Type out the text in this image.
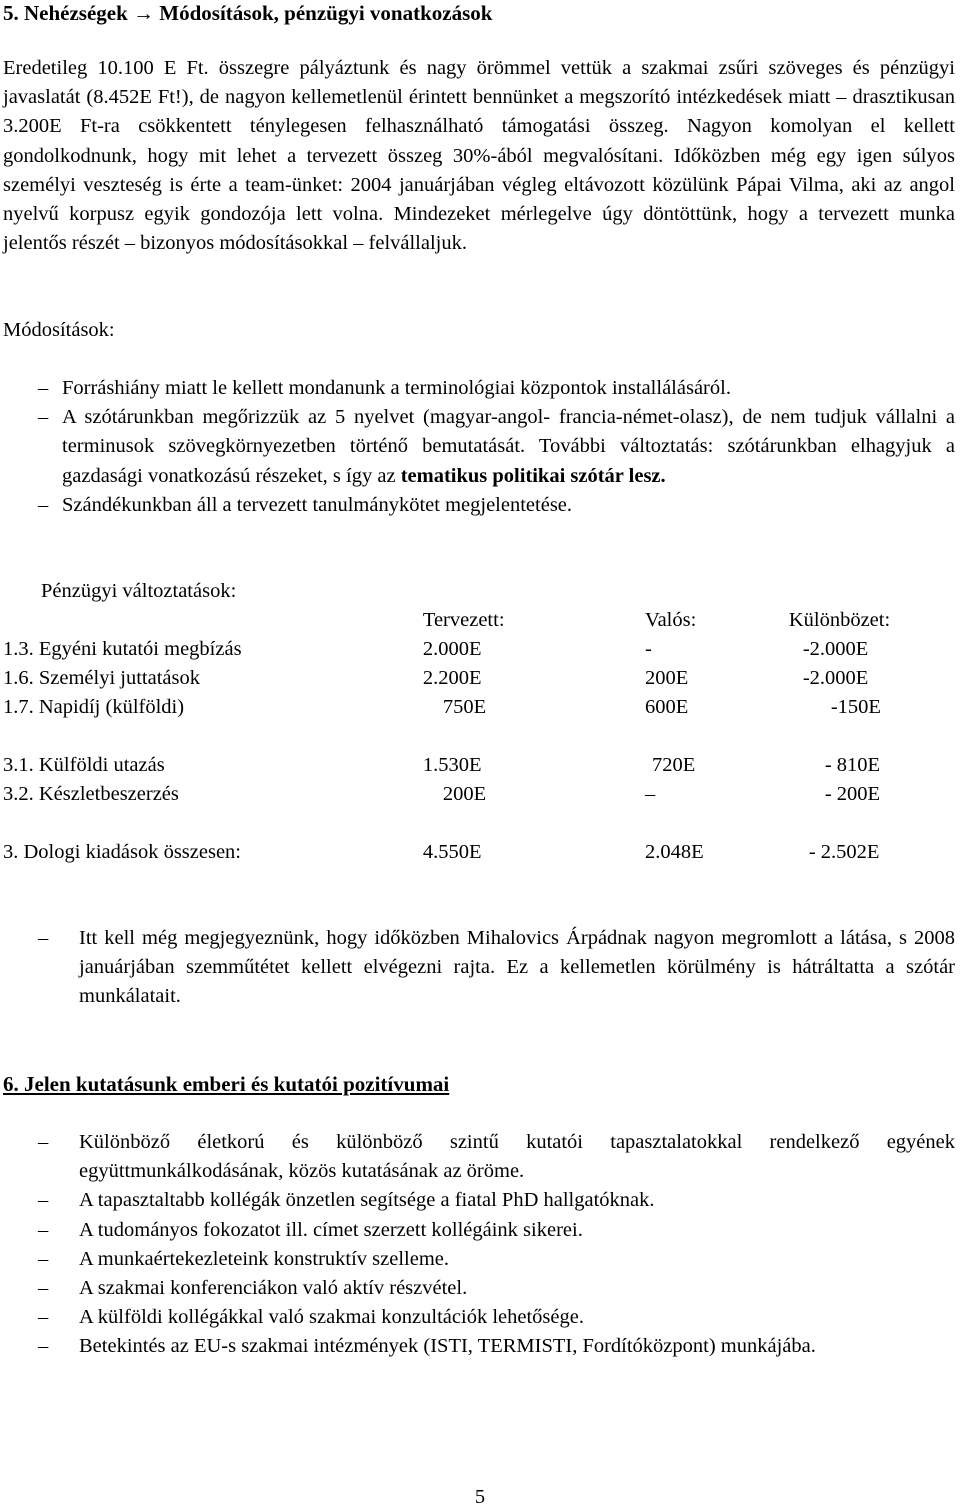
5. Nehézségek → Módosítások, pénzügyi vonatkozások

Eredetileg 10.100 E Ft. összegre pályáztunk és nagy örömmel vettük a szakmai zsűri szöveges és pénzügyi javaslatát (8.452E Ft!), de nagyon kellemetlenül érintett bennünket a megszorító intézkedések miatt – drasztikusan 3.200E Ft-ra csökkentett ténylegesen felhasználható támogatási összeg. Nagyon komolyan el kellett gondolkodnunk, hogy mit lehet a tervezett összeg 30%-ából megvalósítani. Időközben még egy igen súlyos személyi veszteség is érte a team-ünket: 2004 januárjában végleg eltávozott közülünk Pápai Vilma, aki az angol nyelvű korpusz egyik gondozója lett volna. Mindezeket mérlegelve úgy döntöttünk, hogy a tervezett munka jelentős részét – bizonyos módosításokkal – felvállaljuk.

Módosítások:
– Forráshiány miatt le kellett mondanunk a terminológiai központok installálásáról.
– A szótárunkban megőrizzük az 5 nyelvet (magyar-angol- francia-német-olasz), de nem tudjuk vállalni a terminusok szövegkörnyezetben történő bemutatását. További változtatás: szótárunkban elhagyjuk a gazdasági vonatkozású részeket, s így az tematikus politikai szótár lesz.
– Szándékunkban áll a tervezett tanulmánykötet megjelentetése.
Pénzügyi változtatások:
	Tervezett:	Valós:	Különbözet:
1.3. Egyéni kutatói megbízás	2.000E	-	-2.000E
1.6. Személyi juttatások	2.200E	200E	-2.000E
1.7. Napidíj (külföldi)	750E	600E	-150E

3.1. Külföldi utazás	1.530E	720E	- 810E
3.2. Készletbeszerzés	200E	–	- 200E

3. Dologi kiadások összesen:	4.550E	2.048E	- 2.502E
– Itt kell még megjegyeznünk, hogy időközben Mihalovics Árpádnak nagyon megromlott a látása, s 2008 januárjában szemműtétet kellett elvégezni rajta. Ez a kellemetlen körülmény is hátráltatta a szótár munkálatait.
6. Jelen kutatásunk emberi és kutatói pozitívumai
– Különböző életkorú és különböző szintű kutatói tapasztalatokkal rendelkező egyének együttmunkálkodásának, közös kutatásának az öröme.
– A tapasztaltabb kollégák önzetlen segítsége a fiatal PhD hallgatóknak.
– A tudományos fokozatot ill. címet szerzett kollégáink sikerei.
– A munkaértekezleteink konstruktív szelleme.
– A szakmai konferenciákon való aktív részvétel.
– A külföldi kollégákkal való szakmai konzultációk lehetősége.
– Betekintés az EU-s szakmai intézmények (ISTI, TERMISTI, Fordítóközpont) munkájába.
5
